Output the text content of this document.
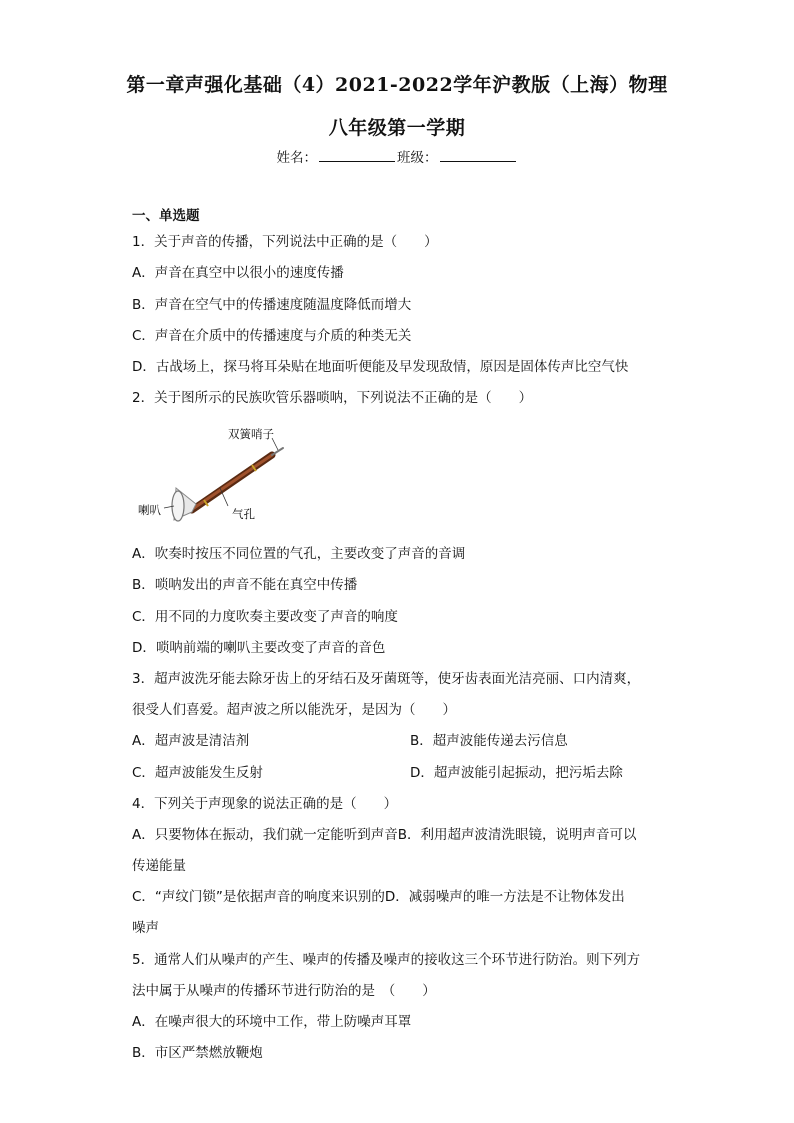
第一章声强化基础（4）2021-2022学年沪教版（上海）物理
八年级第一学期
姓名：	班级：
一、单选题
1．关于声音的传播，下列说法中正确的是（　　）
A．声音在真空中以很小的速度传播
B．声音在空气中的传播速度随温度降低而增大
C．声音在介质中的传播速度与介质的种类无关
D．古战场上，探马将耳朵贴在地面听便能及早发现敌情，原因是固体传声比空气快
2．关于图所示的民族吹管乐器唢呐，下列说法不正确的是（　　）
双簧哨子
喇叭	气孔
A．吹奏时按压不同位置的气孔，主要改变了声音的音调
B．唢呐发出的声音不能在真空中传播
C．用不同的力度吹奏主要改变了声音的响度
D．唢呐前端的喇叭主要改变了声音的音色
3．超声波洗牙能去除牙齿上的牙结石及牙菌斑等，使牙齿表面光洁亮丽、口内清爽，
很受人们喜爱。超声波之所以能洗牙，是因为（　　）
A．超声波是清洁剂	B．超声波能传递去污信息
C．超声波能发生反射	D．超声波能引起振动，把污垢去除
4．下列关于声现象的说法正确的是（　　）
A．只要物体在振动，我们就一定能听到声音B．利用超声波清洗眼镜，说明声音可以
传递能量
C．“声纹门锁”是依据声音的响度来识别的D．减弱噪声的唯一方法是不让物体发出
噪声
5．通常人们从噪声的产生、噪声的传播及噪声的接收这三个环节进行防治。则下列方
法中属于从噪声的传播环节进行防治的是　（　　）
A．在噪声很大的环境中工作，带上防噪声耳罩
B．市区严禁燃放鞭炮
